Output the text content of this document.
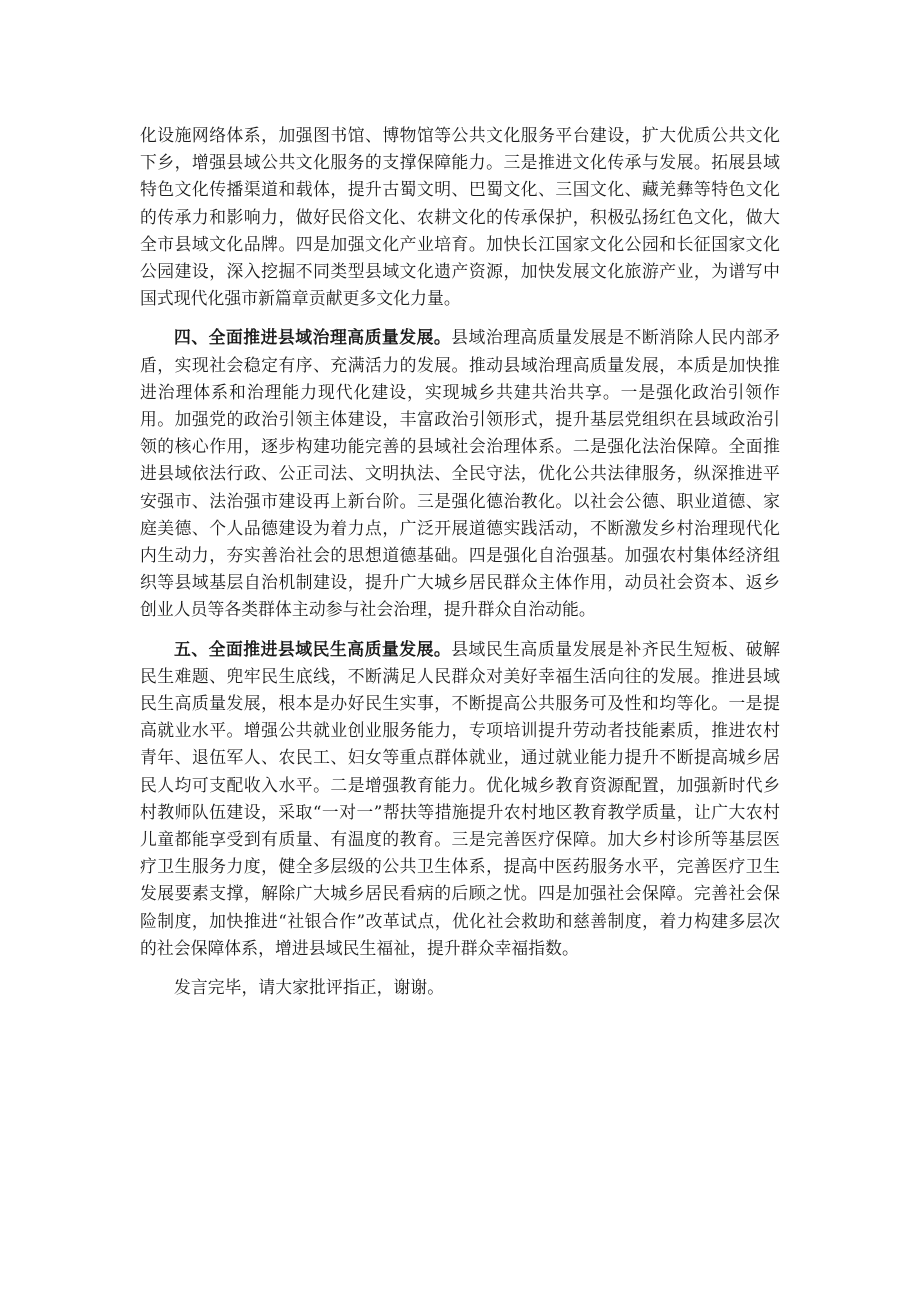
化设施网络体系，加强图书馆、博物馆等公共文化服务平台建设，扩大优质公共文化下乡，增强县域公共文化服务的支撑保障能力。三是推进文化传承与发展。拓展县域特色文化传播渠道和载体，提升古蜀文明、巴蜀文化、三国文化、藏羌彝等特色文化的传承力和影响力，做好民俗文化、农耕文化的传承保护，积极弘扬红色文化，做大全市县域文化品牌。四是加强文化产业培育。加快长江国家文化公园和长征国家文化公园建设，深入挖掘不同类型县域文化遗产资源，加快发展文化旅游产业，为谱写中国式现代化强市新篇章贡献更多文化力量。

四、全面推进县域治理高质量发展。县域治理高质量发展是不断消除人民内部矛盾，实现社会稳定有序、充满活力的发展。推动县域治理高质量发展，本质是加快推进治理体系和治理能力现代化建设，实现城乡共建共治共享。一是强化政治引领作用。加强党的政治引领主体建设，丰富政治引领形式，提升基层党组织在县域政治引领的核心作用，逐步构建功能完善的县域社会治理体系。二是强化法治保障。全面推进县域依法行政、公正司法、文明执法、全民守法，优化公共法律服务，纵深推进平安强市、法治强市建设再上新台阶。三是强化德治教化。以社会公德、职业道德、家庭美德、个人品德建设为着力点，广泛开展道德实践活动，不断激发乡村治理现代化内生动力，夯实善治社会的思想道德基础。四是强化自治强基。加强农村集体经济组织等县域基层自治机制建设，提升广大城乡居民群众主体作用，动员社会资本、返乡创业人员等各类群体主动参与社会治理，提升群众自治动能。

五、全面推进县域民生高质量发展。县域民生高质量发展是补齐民生短板、破解民生难题、兜牢民生底线，不断满足人民群众对美好幸福生活向往的发展。推进县域民生高质量发展，根本是办好民生实事，不断提高公共服务可及性和均等化。一是提高就业水平。增强公共就业创业服务能力，专项培训提升劳动者技能素质，推进农村青年、退伍军人、农民工、妇女等重点群体就业，通过就业能力提升不断提高城乡居民人均可支配收入水平。二是增强教育能力。优化城乡教育资源配置，加强新时代乡村教师队伍建设，采取“一对一”帮扶等措施提升农村地区教育教学质量，让广大农村儿童都能享受到有质量、有温度的教育。三是完善医疗保障。加大乡村诊所等基层医疗卫生服务力度，健全多层级的公共卫生体系，提高中医药服务水平，完善医疗卫生发展要素支撑，解除广大城乡居民看病的后顾之忧。四是加强社会保障。完善社会保险制度，加快推进“社银合作”改革试点，优化社会救助和慈善制度，着力构建多层次的社会保障体系，增进县域民生福祉，提升群众幸福指数。

发言完毕，请大家批评指正，谢谢。
